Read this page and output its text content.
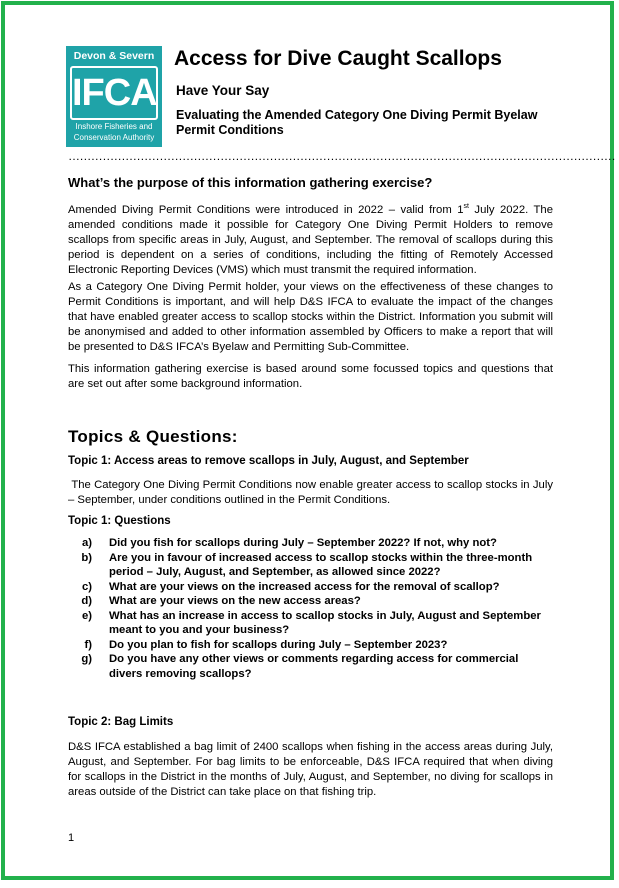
Devon & Severn
IFCA
Inshore Fisheries and Conservation Authority
Access for Dive Caught Scallops
Have Your Say
Evaluating the Amended Category One Diving Permit Byelaw Permit Conditions
………………………………………………………………………………………………………………………………
What’s the purpose of this information gathering exercise?
Amended Diving Permit Conditions were introduced in 2022 – valid from 1st July 2022. The amended conditions made it possible for Category One Diving Permit Holders to remove scallops from specific areas in July, August, and September. The removal of scallops during this period is dependent on a series of conditions, including the fitting of Remotely Accessed Electronic Reporting Devices (VMS) which must transmit the required information.
As a Category One Diving Permit holder, your views on the effectiveness of these changes to Permit Conditions is important, and will help D&S IFCA to evaluate the impact of the changes that have enabled greater access to scallop stocks within the District. Information you submit will be anonymised and added to other information assembled by Officers to make a report that will be presented to D&S IFCA’s Byelaw and Permitting Sub-Committee.
This information gathering exercise is based around some focussed topics and questions that are set out after some background information.
Topics & Questions:
Topic 1: Access areas to remove scallops in July, August, and September
The Category One Diving Permit Conditions now enable greater access to scallop stocks in July – September, under conditions outlined in the Permit Conditions.
Topic 1: Questions
a)	Did you fish for scallops during July – September 2022? If not, why not?
b)	Are you in favour of increased access to scallop stocks within the three-month period – July, August, and September, as allowed since 2022?
c)	What are your views on the increased access for the removal of scallop?
d)	What are your views on the new access areas?
e)	What has an increase in access to scallop stocks in July, August and September meant to you and your business?
f)	Do you plan to fish for scallops during July – September 2023?
g)	Do you have any other views or comments regarding access for commercial divers removing scallops?
Topic 2: Bag Limits
D&S IFCA established a bag limit of 2400 scallops when fishing in the access areas during July, August, and September. For bag limits to be enforceable, D&S IFCA required that when diving for scallops in the District in the months of July, August, and September, no diving for scallops in areas outside of the District can take place on that fishing trip.
1
